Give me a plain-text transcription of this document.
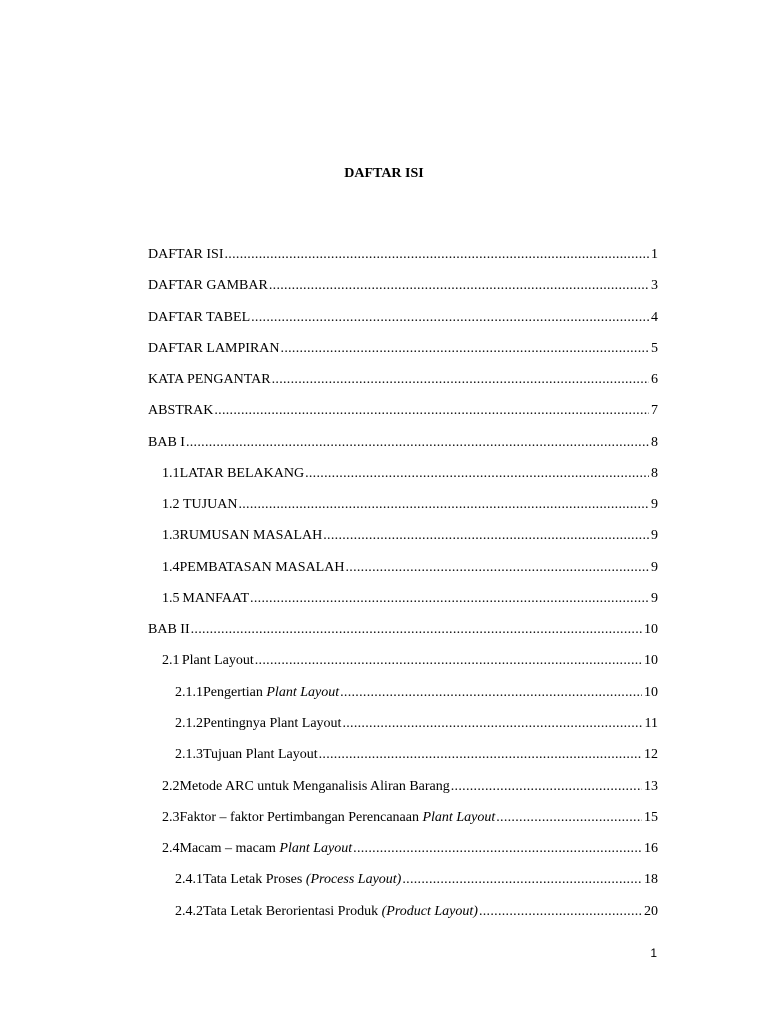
DAFTAR ISI
DAFTAR ISI .....	1
DAFTAR GAMBAR .....	3
DAFTAR TABEL .....	4
DAFTAR LAMPIRAN .....	5
KATA PENGANTAR .....	6
ABSTRAK .....	7
BAB I .....	8
1.1 LATAR BELAKANG .....	8
1.2 TUJUAN .....	9
1.3 RUMUSAN MASALAH .....	9
1.4 PEMBATASAN MASALAH .....	9
1.5 MANFAAT .....	9
BAB II .....	10
2.1 Plant Layout .....	10
2.1.1 Pengertian Plant Layout .....	10
2.1.2 Pentingnya Plant Layout .....	11
2.1.3 Tujuan Plant Layout .....	12
2.2 Metode ARC untuk Menganalisis Aliran Barang .....	13
2.3 Faktor – faktor Pertimbangan Perencanaan Plant Layout .....	15
2.4 Macam – macam Plant Layout .....	16
2.4.1 Tata Letak Proses (Process Layout) .....	18
2.4.2 Tata Letak Berorientasi Produk (Product Layout) .....	20
1
